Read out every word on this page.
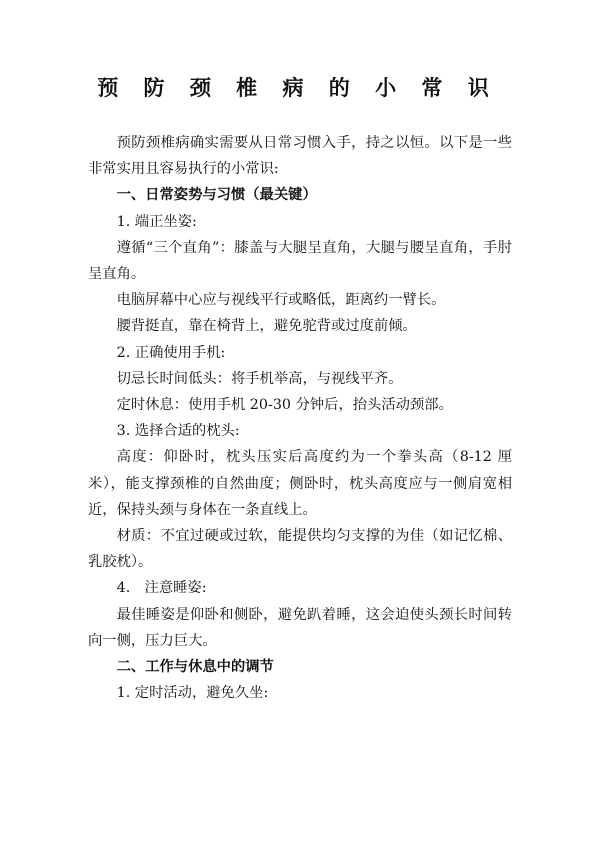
预 防 颈 椎 病 的 小 常 识

预防颈椎病确实需要从日常习惯入手，持之以恒。以下是一些非常实用且容易执行的小常识:

一、日常姿势与习惯（最关键）

1. 端正坐姿:

遵循“三个直角”：膝盖与大腿呈直角，大腿与腰呈直角，手肘呈直角。

电脑屏幕中心应与视线平行或略低，距离约一臂长。

腰背挺直，靠在椅背上，避免驼背或过度前倾。

2. 正确使用手机:

切忌长时间低头：将手机举高，与视线平齐。

定时休息：使用手机 20-30 分钟后，抬头活动颈部。

3. 选择合适的枕头:

高度：仰卧时，枕头压实后高度约为一个拳头高（8-12 厘米），能支撑颈椎的自然曲度；侧卧时，枕头高度应与一侧肩宽相近，保持头颈与身体在一条直线上。

材质：不宜过硬或过软，能提供均匀支撑的为佳（如记忆棉、乳胶枕）。

4.　注意睡姿:

最佳睡姿是仰卧和侧卧，避免趴着睡，这会迫使头颈长时间转向一侧，压力巨大。

二、工作与休息中的调节

1. 定时活动，避免久坐:
